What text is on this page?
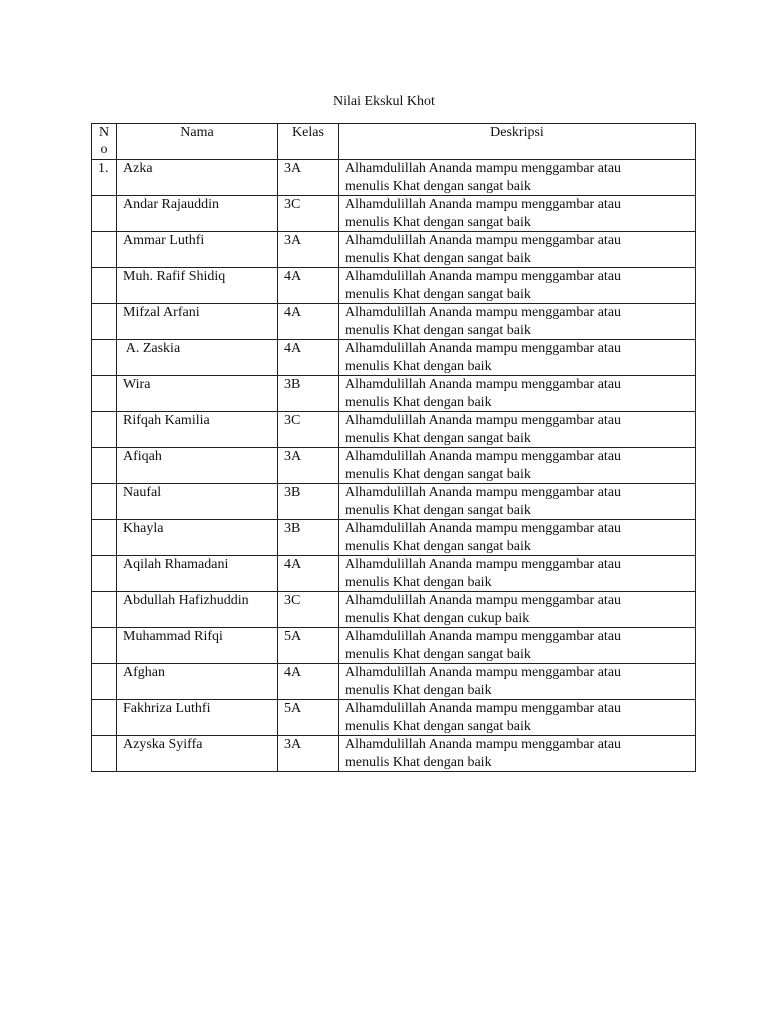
Nilai Ekskul Khot
No	Nama	Kelas	Deskripsi
1.	Azka	3A	Alhamdulillah Ananda mampu menggambar atau
menulis Khat dengan sangat baik

	Andar Rajauddin	3C	Alhamdulillah Ananda mampu menggambar atau
menulis Khat dengan sangat baik

	Ammar Luthfi	3A	Alhamdulillah Ananda mampu menggambar atau
menulis Khat dengan sangat baik

	Muh. Rafif Shidiq	4A	Alhamdulillah Ananda mampu menggambar atau
menulis Khat dengan sangat baik

	Mifzal Arfani	4A	Alhamdulillah Ananda mampu menggambar atau
menulis Khat dengan sangat baik

	A. Zaskia	4A	Alhamdulillah Ananda mampu menggambar atau
menulis Khat dengan baik

	Wira	3B	Alhamdulillah Ananda mampu menggambar atau
menulis Khat dengan baik

	Rifqah Kamilia	3C	Alhamdulillah Ananda mampu menggambar atau
menulis Khat dengan sangat baik

	Afiqah	3A	Alhamdulillah Ananda mampu menggambar atau
menulis Khat dengan sangat baik

	Naufal	3B	Alhamdulillah Ananda mampu menggambar atau
menulis Khat dengan sangat baik

	Khayla	3B	Alhamdulillah Ananda mampu menggambar atau
menulis Khat dengan sangat baik

	Aqilah Rhamadani	4A	Alhamdulillah Ananda mampu menggambar atau
menulis Khat dengan baik

	Abdullah Hafizhuddin	3C	Alhamdulillah Ananda mampu menggambar atau
menulis Khat dengan cukup baik

	Muhammad Rifqi	5A	Alhamdulillah Ananda mampu menggambar atau
menulis Khat dengan sangat baik

	Afghan	4A	Alhamdulillah Ananda mampu menggambar atau
menulis Khat dengan baik

	Fakhriza Luthfi	5A	Alhamdulillah Ananda mampu menggambar atau
menulis Khat dengan sangat baik

	Azyska Syiffa	3A	Alhamdulillah Ananda mampu menggambar atau
menulis Khat dengan baik
